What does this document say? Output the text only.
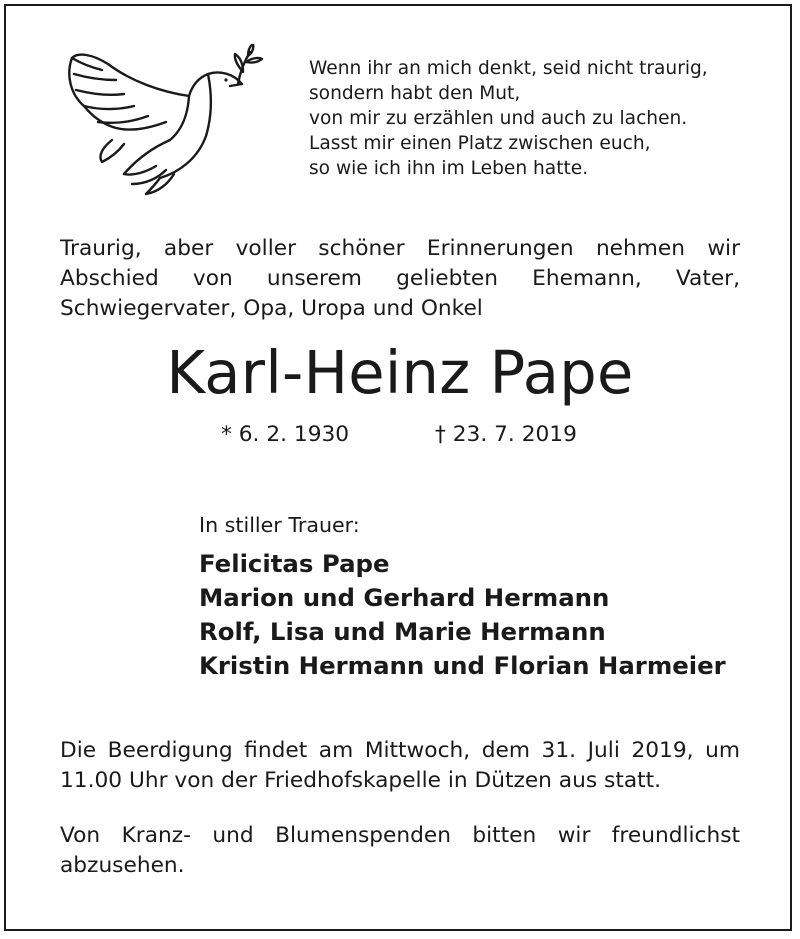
Wenn ihr an mich denkt, seid nicht traurig,
sondern habt den Mut,
von mir zu erzählen und auch zu lachen.
Lasst mir einen Platz zwischen euch,
so wie ich ihn im Leben hatte.
Traurig, aber voller schöner Erinnerungen nehmen wir Abschied von unserem geliebten Ehemann, Vater, Schwiegervater, Opa, Uropa und Onkel
Karl-Heinz Pape
* 6. 2. 1930	† 23. 7. 2019
In stiller Trauer:
Felicitas Pape
Marion und Gerhard Hermann
Rolf, Lisa und Marie Hermann
Kristin Hermann und Florian Harmeier
Die Beerdigung findet am Mittwoch, dem 31. Juli 2019, um 11.00 Uhr von der Friedhofskapelle in Dützen aus statt.
Von Kranz- und Blumenspenden bitten wir freundlichst abzusehen.
